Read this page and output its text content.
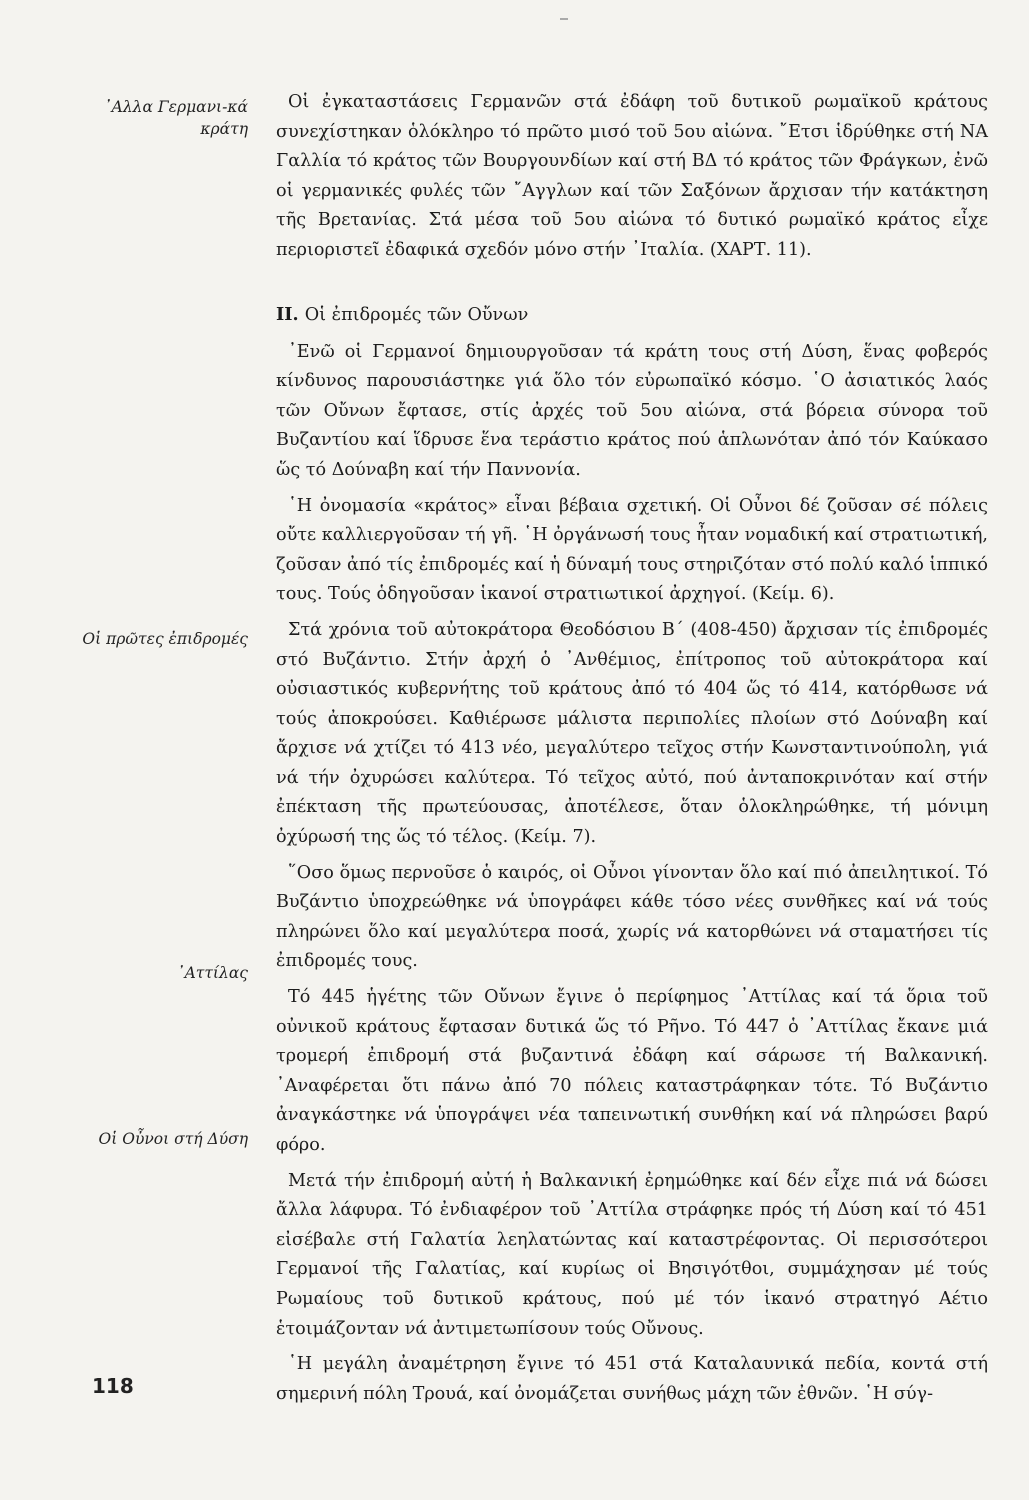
᾽Αλλα Γερμανι-κά κράτη
Οἱ πρῶτες ἐπιδρομές
᾽Αττίλας
Οἱ Οὖνοι στή Δύση

Οἱ ἐγκαταστάσεις Γερμανῶν στά ἐδάφη τοῦ δυτικοῦ ρωμαϊκοῦ κράτους συνεχίστηκαν ὁλόκληρο τό πρῶτο μισό τοῦ 5ου αἰώνα. ῎Ετσι ἱδρύθηκε στή ΝΑ Γαλλία τό κράτος τῶν Βουργουνδίων καί στή ΒΔ τό κράτος τῶν Φράγκων, ἐνῶ οἱ γερμανικές φυλές τῶν ῎Αγγλων καί τῶν Σαξόνων ἄρχισαν τήν κατάκτηση τῆς Βρετανίας. Στά μέσα τοῦ 5ου αἰώνα τό δυτικό ρωμαϊκό κράτος εἶχε περιοριστεῖ ἐδαφικά σχεδόν μόνο στήν ᾽Ιταλία. (ΧΑΡΤ. 11).

ΙΙ. Οἱ ἐπιδρομές τῶν Οὔνων

᾽Ενῶ οἱ Γερμανοί δημιουργοῦσαν τά κράτη τους στή Δύση, ἕνας φοβερός κίνδυνος παρουσιάστηκε γιά ὅλο τόν εὐρωπαϊκό κόσμο. ῾Ο ἀσιατικός λαός τῶν Οὔνων ἔφτασε, στίς ἀρχές τοῦ 5ου αἰώνα, στά βόρεια σύνορα τοῦ Βυζαντίου καί ἵδρυσε ἕνα τεράστιο κράτος πού ἁπλωνόταν ἀπό τόν Καύκασο ὥς τό Δούναβη καί τήν Παννονία.

῾Η ὀνομασία «κράτος» εἶναι βέβαια σχετική. Οἱ Οὖνοι δέ ζοῦσαν σέ πόλεις οὔτε καλλιεργοῦσαν τή γῆ. ῾Η ὀργάνωσή τους ἦταν νομαδική καί στρατιωτική, ζοῦσαν ἀπό τίς ἐπιδρομές καί ἡ δύναμή τους στηριζόταν στό πολύ καλό ἱππικό τους. Τούς ὁδηγοῦσαν ἱκανοί στρατιωτικοί ἀρχηγοί. (Κείμ. 6).

Στά χρόνια τοῦ αὐτοκράτορα Θεοδόσιου Β΄ (408-450) ἄρχισαν τίς ἐπιδρομές στό Βυζάντιο. Στήν ἀρχή ὁ ᾽Ανθέμιος, ἐπίτροπος τοῦ αὐτοκράτορα καί οὐσιαστικός κυβερνήτης τοῦ κράτους ἀπό τό 404 ὥς τό 414, κατόρθωσε νά τούς ἀποκρούσει. Καθιέρωσε μάλιστα περιπολίες πλοίων στό Δούναβη καί ἄρχισε νά χτίζει τό 413 νέο, μεγαλύτερο τεῖχος στήν Κωνσταντινούπολη, γιά νά τήν ὀχυρώσει καλύτερα. Τό τεῖχος αὐτό, πού ἀνταποκρινόταν καί στήν ἐπέκταση τῆς πρωτεύουσας, ἀποτέλεσε, ὅταν ὁλοκληρώθηκε, τή μόνιμη ὀχύρωσή της ὥς τό τέλος. (Κείμ. 7).

῞Οσο ὅμως περνοῦσε ὁ καιρός, οἱ Οὖνοι γίνονταν ὅλο καί πιό ἀπειλητικοί. Τό Βυζάντιο ὑποχρεώθηκε νά ὑπογράφει κάθε τόσο νέες συνθῆκες καί νά τούς πληρώνει ὅλο καί μεγαλύτερα ποσά, χωρίς νά κατορθώνει νά σταματήσει τίς ἐπιδρομές τους.

Τό 445 ἡγέτης τῶν Οὔνων ἔγινε ὁ περίφημος ᾽Αττίλας καί τά ὅρια τοῦ οὐνικοῦ κράτους ἔφτασαν δυτικά ὥς τό Ρῆνο. Τό 447 ὁ ᾽Αττίλας ἔκανε μιά τρομερή ἐπιδρομή στά βυζαντινά ἐδάφη καί σάρωσε τή Βαλκανική. ᾽Αναφέρεται ὅτι πάνω ἀπό 70 πόλεις καταστράφηκαν τότε. Τό Βυζάντιο ἀναγκάστηκε νά ὑπογράψει νέα ταπεινωτική συνθήκη καί νά πληρώσει βαρύ φόρο.

Μετά τήν ἐπιδρομή αὐτή ἡ Βαλκανική ἐρημώθηκε καί δέν εἶχε πιά νά δώσει ἄλλα λάφυρα. Τό ἐνδιαφέρον τοῦ ᾽Αττίλα στράφηκε πρός τή Δύση καί τό 451 εἰσέβαλε στή Γαλατία λεηλατώντας καί καταστρέφοντας. Οἱ περισσότεροι Γερμανοί τῆς Γαλατίας, καί κυρίως οἱ Βησιγότθοι, συμμάχησαν μέ τούς Ρωμαίους τοῦ δυτικοῦ κράτους, πού μέ τόν ἱκανό στρατηγό Αέτιο ἑτοιμάζονταν νά ἀντιμετωπίσουν τούς Οὔνους.

῾Η μεγάλη ἀναμέτρηση ἔγινε τό 451 στά Καταλαυνικά πεδία, κοντά στή σημερινή πόλη Τρουά, καί ὀνομάζεται συνήθως μάχη τῶν ἐθνῶν. ῾Η σύγ-

118
